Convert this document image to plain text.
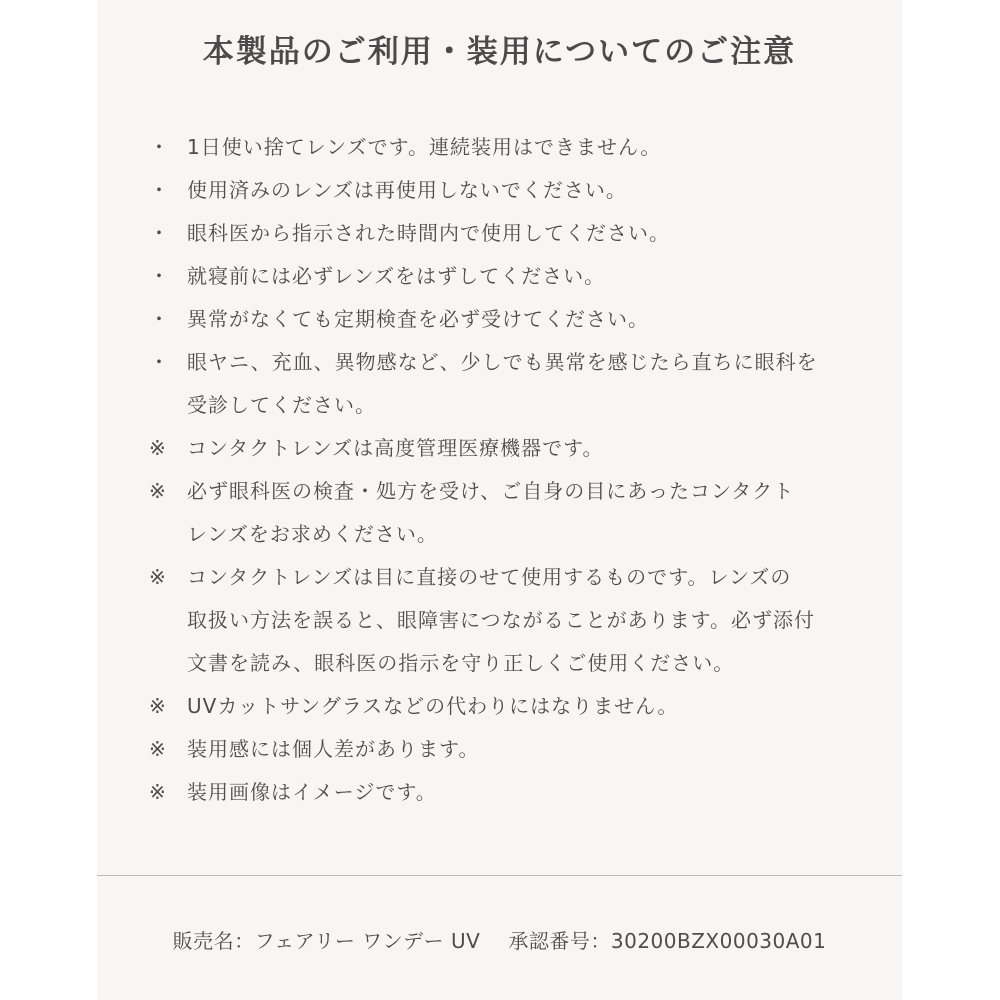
本製品のご利用・装用についてのご注意
・ 1日使い捨てレンズです。連続装用はできません。
・ 使用済みのレンズは再使用しないでください。
・ 眼科医から指示された時間内で使用してください。
・ 就寝前には必ずレンズをはずしてください。
・ 異常がなくても定期検査を必ず受けてください。
・ 眼ヤニ、充血、異物感など、少しでも異常を感じたら直ちに眼科を
受診してください。
※	コンタクトレンズは高度管理医療機器です。
※	必ず眼科医の検査・処方を受け、ご自身の目にあったコンタクト
レンズをお求めください。
※	コンタクトレンズは目に直接のせて使用するものです。レンズの
取扱い方法を誤ると、眼障害につながることがあります。必ず添付
文書を読み、眼科医の指示を守り正しくご使用ください。
※	UVカットサングラスなどの代わりにはなりません。
※	装用感には個人差があります。
※	装用画像はイメージです。
販売名：フェアリー ワンデー UV 承認番号：30200BZX00030A01
